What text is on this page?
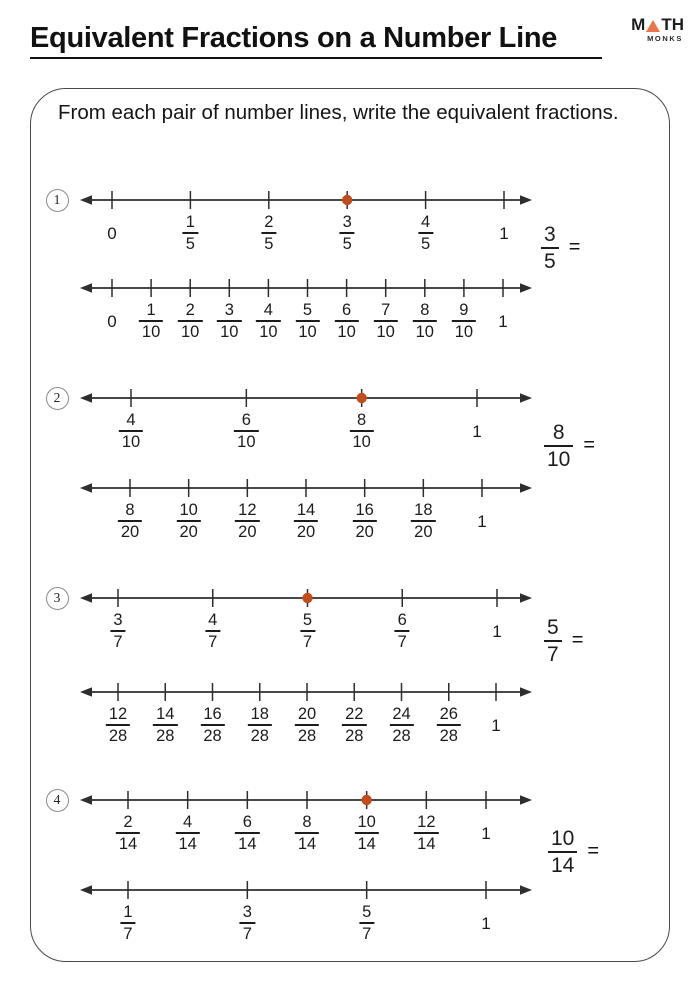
Equivalent Fractions on a Number Line	M TH
MONKS

From each pair of number lines, write the equivalent fractions.

1
0
1
5
2
5
3
5
4
5
1
0
1
10
2
10
3
10
4
10
5
10
6
10
7
10
8
10
9
10
1
$\frac{3}{5}$ =
2
4
10
6
10
8
10
1
8
20
10
20
12
20
14
20
16
20
18
20
1
$\frac{8}{10}$ =
3
3
7
4
7
5
7
6
7
1
12
28
14
28
16
28
18
28
20
28
22
28
24
28
26
28
1
$\frac{5}{7}$ =
4
2
14
4
14
6
14
8
14
10
14
12
14
1
1
7
3
7
5
7
1
$\frac{10}{14}$ =
